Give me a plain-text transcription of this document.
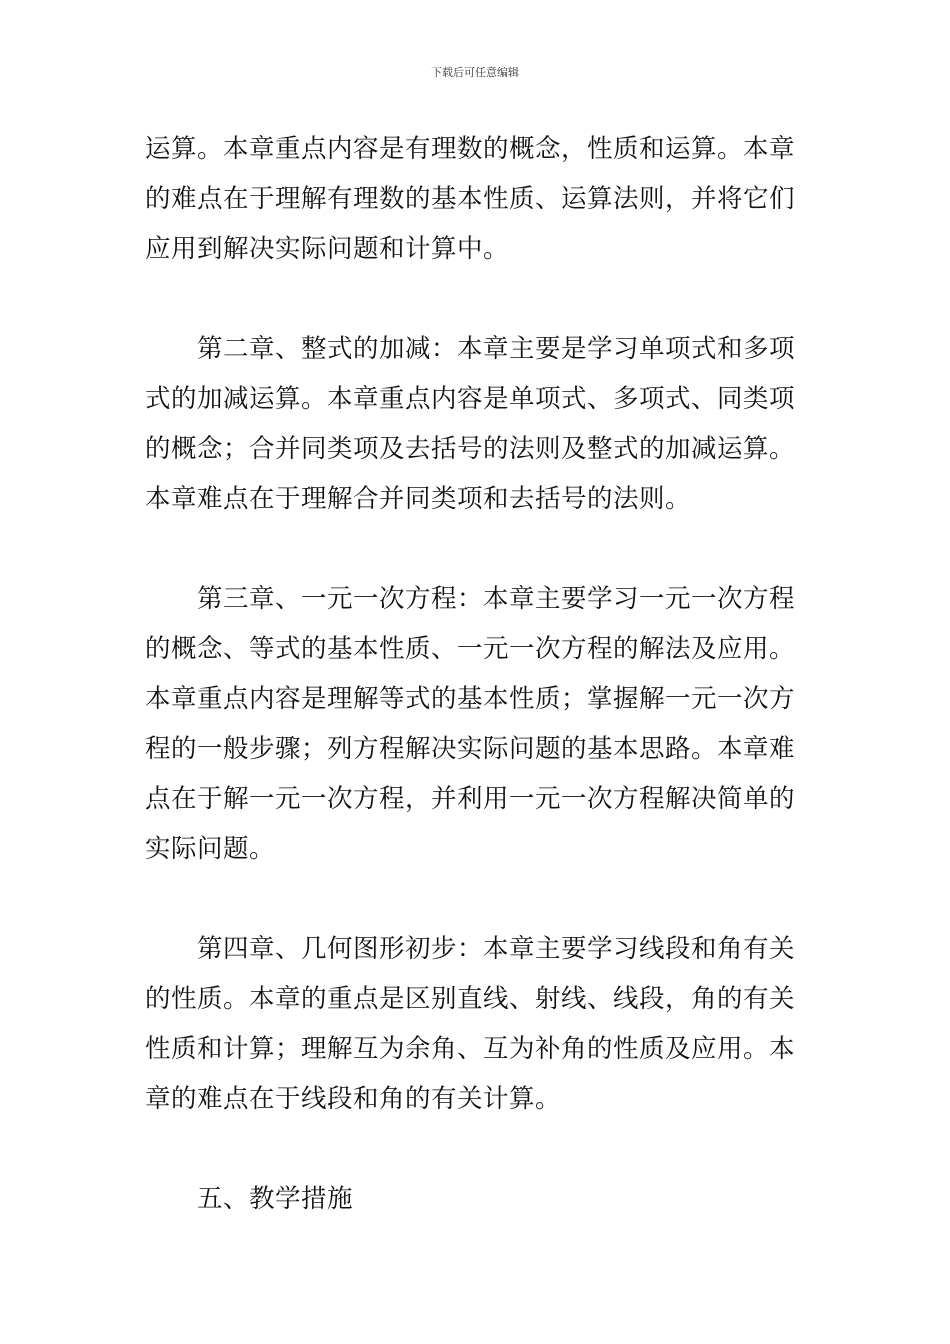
下载后可任意编辑
运算。本章重点内容是有理数的概念，性质和运算。本章
的难点在于理解有理数的基本性质、运算法则，并将它们
应用到解决实际问题和计算中。
第二章、整式的加减：本章主要是学习单项式和多项
式的加减运算。本章重点内容是单项式、多项式、同类项
的概念；合并同类项及去括号的法则及整式的加减运算。
本章难点在于理解合并同类项和去括号的法则。
第三章、一元一次方程：本章主要学习一元一次方程
的概念、等式的基本性质、一元一次方程的解法及应用。
本章重点内容是理解等式的基本性质；掌握解一元一次方
程的一般步骤；列方程解决实际问题的基本思路。本章难
点在于解一元一次方程，并利用一元一次方程解决简单的
实际问题。
第四章、几何图形初步：本章主要学习线段和角有关
的性质。本章的重点是区别直线、射线、线段，角的有关
性质和计算；理解互为余角、互为补角的性质及应用。本
章的难点在于线段和角的有关计算。
五、教学措施
